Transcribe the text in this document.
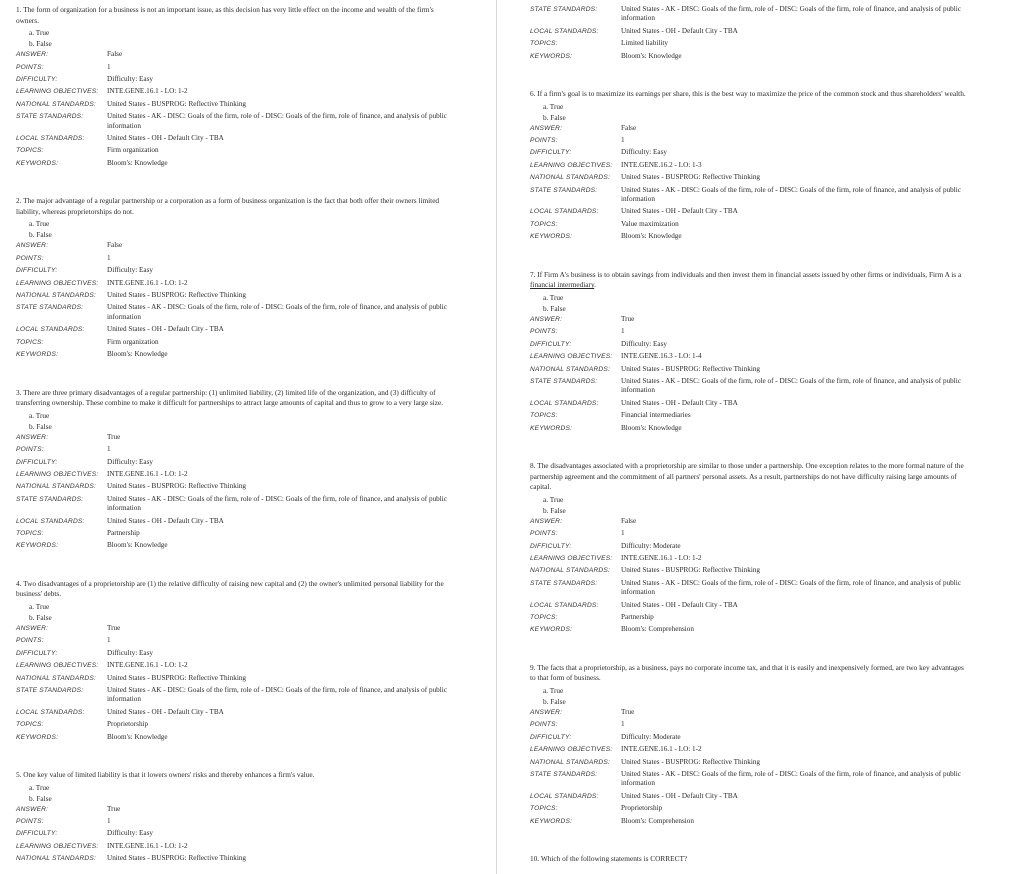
1. The form of organization for a business is not an important issue, as this decision has very little effect on the income and wealth of the firm's owners.
a. True
b. False
ANSWER:	False
POINTS:	1
DIFFICULTY:	Difficulty: Easy
LEARNING OBJECTIVES:	INTE.GENE.16.1 - LO: 1-2
NATIONAL STANDARDS:	United States - BUSPROG: Reflective Thinking
STATE STANDARDS:	United States - AK - DISC: Goals of the firm, role of - DISC: Goals of the firm, role of finance, and analysis of public information
LOCAL STANDARDS:	United States - OH - Default City - TBA
TOPICS:	Firm organization
KEYWORDS:	Bloom's: Knowledge
2. The major advantage of a regular partnership or a corporation as a form of business organization is the fact that both offer their owners limited liability, whereas proprietorships do not.
a. True
b. False
ANSWER:	False
POINTS:	1
DIFFICULTY:	Difficulty: Easy
LEARNING OBJECTIVES:	INTE.GENE.16.1 - LO: 1-2
NATIONAL STANDARDS:	United States - BUSPROG: Reflective Thinking
STATE STANDARDS:	United States - AK - DISC: Goals of the firm, role of - DISC: Goals of the firm, role of finance, and analysis of public information
LOCAL STANDARDS:	United States - OH - Default City - TBA
TOPICS:	Firm organization
KEYWORDS:	Bloom's: Knowledge
3. There are three primary disadvantages of a regular partnership: (1) unlimited liability, (2) limited life of the organization, and (3) difficulty of transferring ownership. These combine to make it difficult for partnerships to attract large amounts of capital and thus to grow to a very large size.
a. True
b. False
ANSWER:	True
POINTS:	1
DIFFICULTY:	Difficulty: Easy
LEARNING OBJECTIVES:	INTE.GENE.16.1 - LO: 1-2
NATIONAL STANDARDS:	United States - BUSPROG: Reflective Thinking
STATE STANDARDS:	United States - AK - DISC: Goals of the firm, role of - DISC: Goals of the firm, role of finance, and analysis of public information
LOCAL STANDARDS:	United States - OH - Default City - TBA
TOPICS:	Partnership
KEYWORDS:	Bloom's: Knowledge
4. Two disadvantages of a proprietorship are (1) the relative difficulty of raising new capital and (2) the owner's unlimited personal liability for the business' debts.
a. True
b. False
ANSWER:	True
POINTS:	1
DIFFICULTY:	Difficulty: Easy
LEARNING OBJECTIVES:	INTE.GENE.16.1 - LO: 1-2
NATIONAL STANDARDS:	United States - BUSPROG: Reflective Thinking
STATE STANDARDS:	United States - AK - DISC: Goals of the firm, role of - DISC: Goals of the firm, role of finance, and analysis of public information
LOCAL STANDARDS:	United States - OH - Default City - TBA
TOPICS:	Proprietorship
KEYWORDS:	Bloom's: Knowledge
5. One key value of limited liability is that it lowers owners' risks and thereby enhances a firm's value.
a. True
b. False
ANSWER:	True
POINTS:	1
DIFFICULTY:	Difficulty: Easy
LEARNING OBJECTIVES:	INTE.GENE.16.1 - LO: 1-2
NATIONAL STANDARDS:	United States - BUSPROG: Reflective Thinking
STATE STANDARDS:	United States - AK - DISC: Goals of the firm, role of - DISC: Goals of the firm, role of finance, and analysis of public information
LOCAL STANDARDS:	United States - OH - Default City - TBA
TOPICS:	Limited liability
KEYWORDS:	Bloom's: Knowledge
6. If a firm's goal is to maximize its earnings per share, this is the best way to maximize the price of the common stock and thus shareholders' wealth.
a. True
b. False
ANSWER:	False
POINTS:	1
DIFFICULTY:	Difficulty: Easy
LEARNING OBJECTIVES:	INTE.GENE.16.2 - LO: 1-3
NATIONAL STANDARDS:	United States - BUSPROG: Reflective Thinking
STATE STANDARDS:	United States - AK - DISC: Goals of the firm, role of - DISC: Goals of the firm, role of finance, and analysis of public information
LOCAL STANDARDS:	United States - OH - Default City - TBA
TOPICS:	Value maximization
KEYWORDS:	Bloom's: Knowledge
7. If Firm A's business is to obtain savings from individuals and then invest them in financial assets issued by other firms or individuals, Firm A is a financial intermediary.
a. True
b. False
ANSWER:	True
POINTS:	1
DIFFICULTY:	Difficulty: Easy
LEARNING OBJECTIVES:	INTE.GENE.16.3 - LO: 1-4
NATIONAL STANDARDS:	United States - BUSPROG: Reflective Thinking
STATE STANDARDS:	United States - AK - DISC: Goals of the firm, role of - DISC: Goals of the firm, role of finance, and analysis of public information
LOCAL STANDARDS:	United States - OH - Default City - TBA
TOPICS:	Financial intermediaries
KEYWORDS:	Bloom's: Knowledge
8. The disadvantages associated with a proprietorship are similar to those under a partnership. One exception relates to the more formal nature of the partnership agreement and the commitment of all partners' personal assets. As a result, partnerships do not have difficulty raising large amounts of capital.
a. True
b. False
ANSWER:	False
POINTS:	1
DIFFICULTY:	Difficulty: Moderate
LEARNING OBJECTIVES:	INTE.GENE.16.1 - LO: 1-2
NATIONAL STANDARDS:	United States - BUSPROG: Reflective Thinking
STATE STANDARDS:	United States - AK - DISC: Goals of the firm, role of - DISC: Goals of the firm, role of finance, and analysis of public information
LOCAL STANDARDS:	United States - OH - Default City - TBA
TOPICS:	Partnership
KEYWORDS:	Bloom's: Comprehension
9. The facts that a proprietorship, as a business, pays no corporate income tax, and that it is easily and inexpensively formed, are two key advantages to that form of business.
a. True
b. False
ANSWER:	True
POINTS:	1
DIFFICULTY:	Difficulty: Moderate
LEARNING OBJECTIVES:	INTE.GENE.16.1 - LO: 1-2
NATIONAL STANDARDS:	United States - BUSPROG: Reflective Thinking
STATE STANDARDS:	United States - AK - DISC: Goals of the firm, role of - DISC: Goals of the firm, role of finance, and analysis of public information
LOCAL STANDARDS:	United States - OH - Default City - TBA
TOPICS:	Proprietorship
KEYWORDS:	Bloom's: Comprehension
10. Which of the following statements is CORRECT?
